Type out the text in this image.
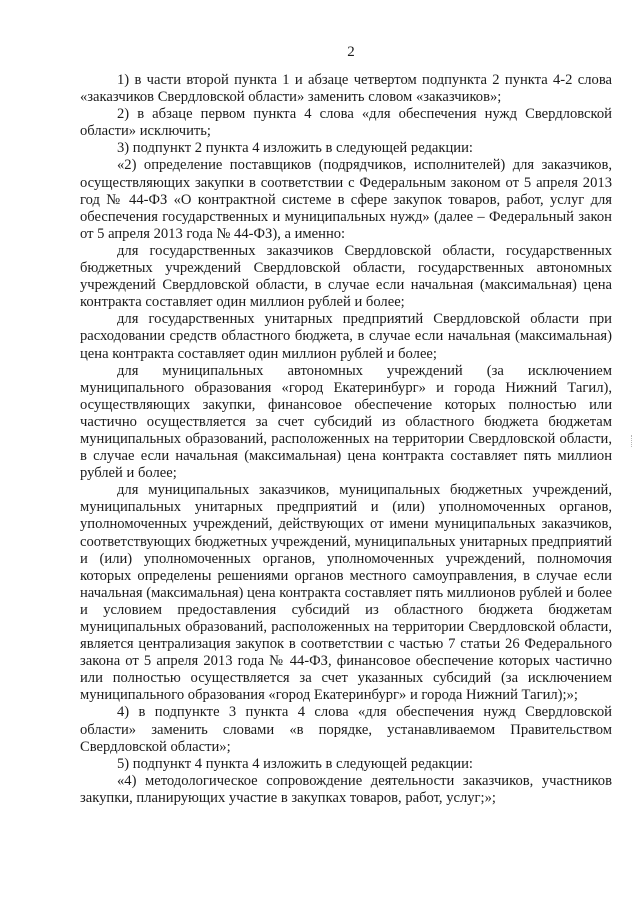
2

1) в части второй пункта 1 и абзаце четвертом подпункта 2 пункта 4-2 слова «заказчиков Свердловской области» заменить словом «заказчиков»;

2) в абзаце первом пункта 4 слова «для обеспечения нужд Свердловской области» исключить;

3) подпункт 2 пункта 4 изложить в следующей редакции:

«2) определение поставщиков (подрядчиков, исполнителей) для заказчиков, осуществляющих закупки в соответствии с Федеральным законом от 5 апреля 2013 год № 44-ФЗ «О контрактной системе в сфере закупок товаров, работ, услуг для обеспечения государственных и муниципальных нужд» (далее – Федеральный закон от 5 апреля 2013 года № 44-ФЗ), а именно:

для государственных заказчиков Свердловской области, государственных бюджетных учреждений Свердловской области, государственных автономных учреждений Свердловской области, в случае если начальная (максимальная) цена контракта составляет один миллион рублей и более;

для государственных унитарных предприятий Свердловской области при расходовании средств областного бюджета, в случае если начальная (максимальная) цена контракта составляет один миллион рублей и более;

для муниципальных автономных учреждений (за исключением муниципального образования «город Екатеринбург» и города Нижний Тагил), осуществляющих закупки, финансовое обеспечение которых полностью или частично осуществляется за счет субсидий из областного бюджета бюджетам муниципальных образований, расположенных на территории Свердловской области, в случае если начальная (максимальная) цена контракта составляет пять миллион рублей и более;

для муниципальных заказчиков, муниципальных бюджетных учреждений, муниципальных унитарных предприятий и (или) уполномоченных органов, уполномоченных учреждений, действующих от имени муниципальных заказчиков, соответствующих бюджетных учреждений, муниципальных унитарных предприятий и (или) уполномоченных органов, уполномоченных учреждений, полномочия которых определены решениями органов местного самоуправления, в случае если начальная (максимальная) цена контракта составляет пять миллионов рублей и более и условием предоставления субсидий из областного бюджета бюджетам муниципальных образований, расположенных на территории Свердловской области, является централизация закупок в соответствии с частью 7 статьи 26 Федерального закона от 5 апреля 2013 года № 44-ФЗ, финансовое обеспечение которых частично или полностью осуществляется за счет указанных субсидий (за исключением муниципального образования «город Екатеринбург» и города Нижний Тагил);»;

4) в подпункте 3 пункта 4 слова «для обеспечения нужд Свердловской области» заменить словами «в порядке, устанавливаемом Правительством Свердловской области»;

5) подпункт 4 пункта 4 изложить в следующей редакции:

«4) методологическое сопровождение деятельности заказчиков, участников закупки, планирующих участие в закупках товаров, работ, услуг;»;
